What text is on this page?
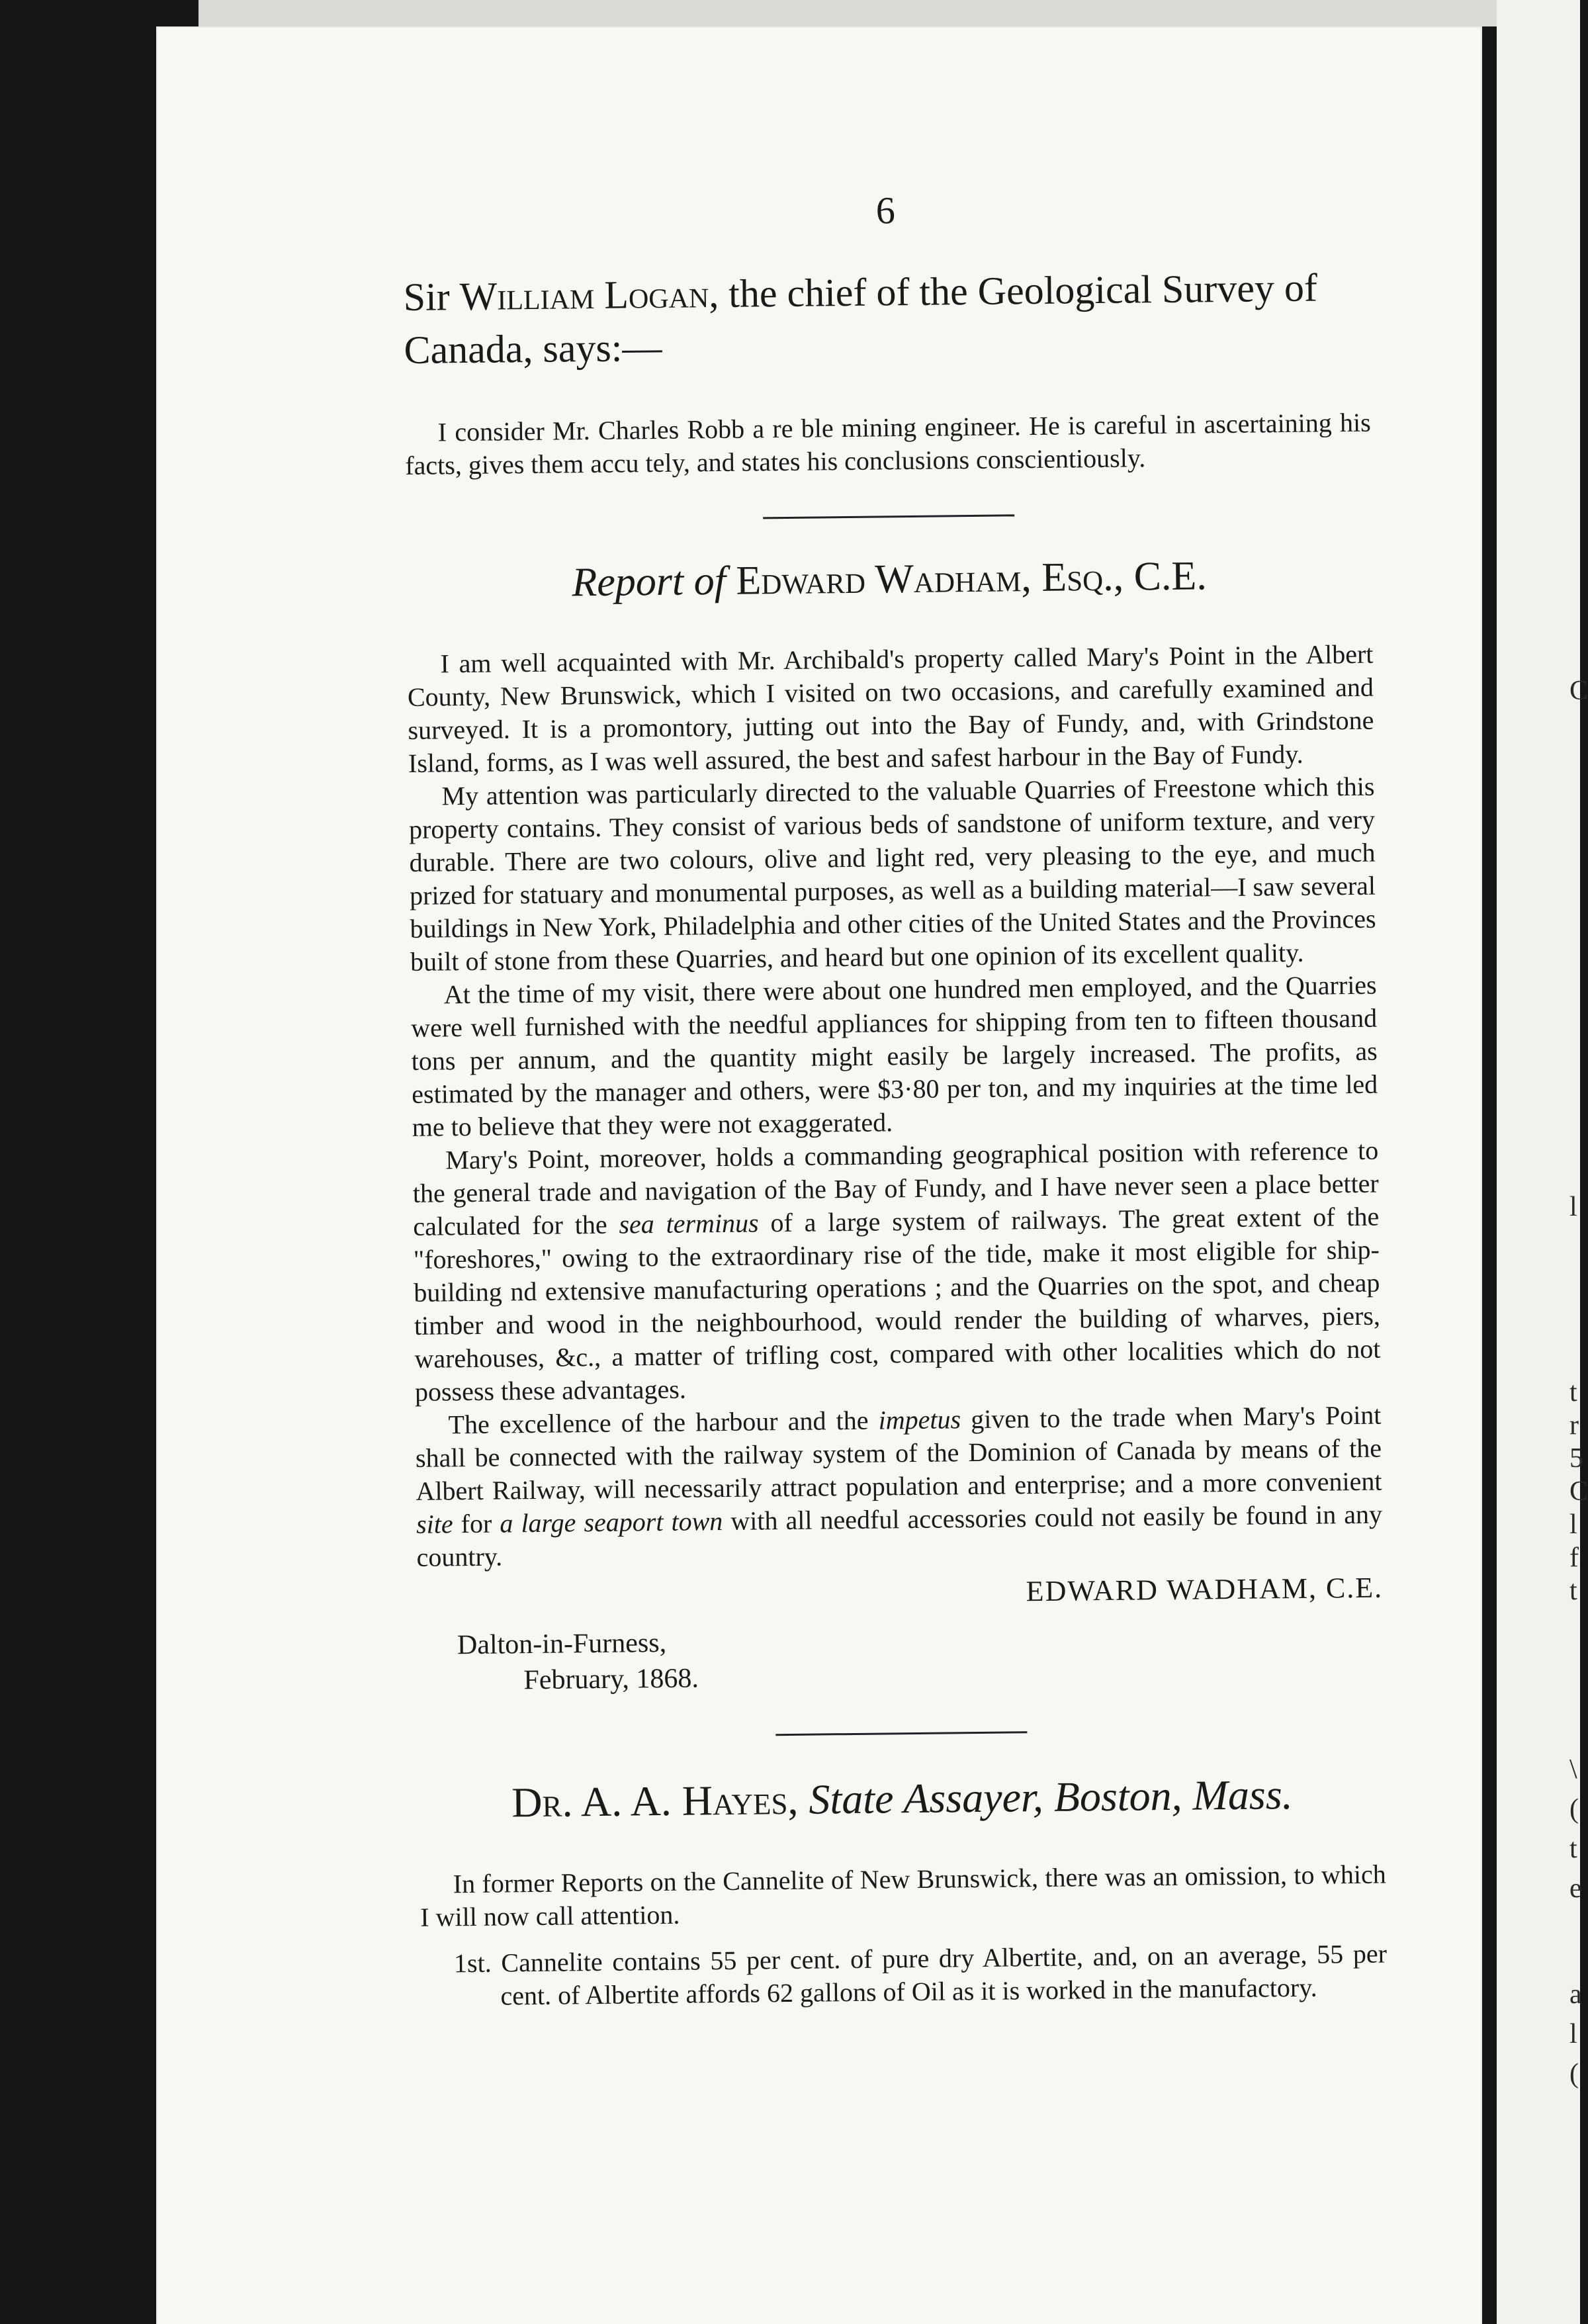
C
l
t
r
5
C
l
f
t
\
(
t
e
a
l
(
6

Sir William Logan, the chief of the Geological Survey of Canada, says:—

I consider Mr. Charles Robb a re ble mining engineer. He is careful in ascertaining his facts, gives them accu tely, and states his conclusions conscientiously.

Report of Edward Wadham, Esq., C.E.

I am well acquainted with Mr. Archibald's property called Mary's Point in the Albert County, New Brunswick, which I visited on two occasions, and carefully examined and surveyed. It is a promontory, jutting out into the Bay of Fundy, and, with Grindstone Island, forms, as I was well assured, the best and safest harbour in the Bay of Fundy.

My attention was particularly directed to the valuable Quarries of Freestone which this property contains. They consist of various beds of sandstone of uniform texture, and very durable. There are two colours, olive and light red, very pleasing to the eye, and much prized for statuary and monumental purposes, as well as a building material—I saw several buildings in New York, Philadelphia and other cities of the United States and the Provinces built of stone from these Quarries, and heard but one opinion of its excellent quality.

At the time of my visit, there were about one hundred men employed, and the Quarries were well furnished with the needful appliances for shipping from ten to fifteen thousand tons per annum, and the quantity might easily be largely increased. The profits, as estimated by the manager and others, were $3·80 per ton, and my inquiries at the time led me to believe that they were not exaggerated.

Mary's Point, moreover, holds a commanding geographical position with reference to the general trade and navigation of the Bay of Fundy, and I have never seen a place better calculated for the sea terminus of a large system of railways. The great extent of the "foreshores," owing to the extraordinary rise of the tide, make it most eligible for ship-building nd extensive manufacturing operations ; and the Quarries on the spot, and cheap timber and wood in the neighbourhood, would render the building of wharves, piers, warehouses, &c., a matter of trifling cost, compared with other localities which do not possess these advantages.

The excellence of the harbour and the impetus given to the trade when Mary's Point shall be connected with the railway system of the Dominion of Canada by means of the Albert Railway, will necessarily attract population and enterprise; and a more convenient site for a large seaport town with all needful accessories could not easily be found in any country.

EDWARD WADHAM, C.E.
Dalton-in-Furness,
February, 1868.
Dr. A. A. Hayes, State Assayer, Boston, Mass.

In former Reports on the Cannelite of New Brunswick, there was an omission, to which I will now call attention.

1st. Cannelite contains 55 per cent. of pure dry Albertite, and, on an average, 55 per cent. of Albertite affords 62 gallons of Oil as it is worked in the manufactory.
